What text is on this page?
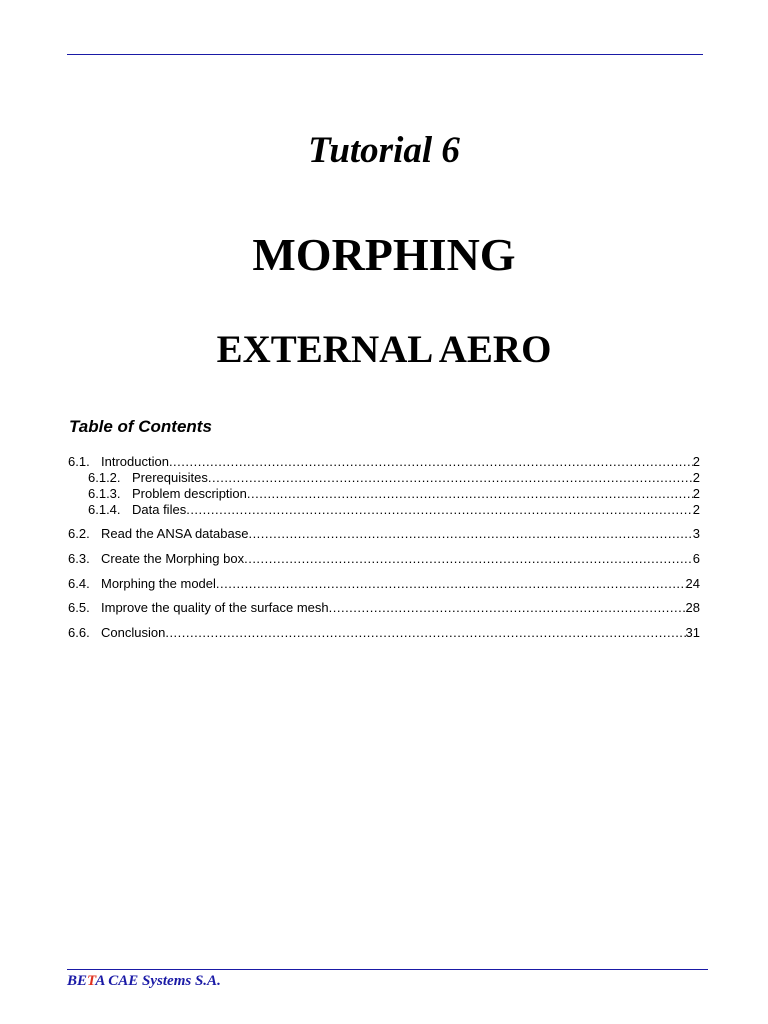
Tutorial 6
MORPHING
EXTERNAL AERO
Table of Contents
6.1. Introduction .....	2
6.1.2. Prerequisites .....	2
6.1.3. Problem description .....	2
6.1.4. Data files .....	2
6.2. Read the ANSA database .....	3
6.3. Create the Morphing box .....	6
6.4. Morphing the model .....	24
6.5. Improve the quality of the surface mesh .....	28
6.6. Conclusion .....	31
BETA CAE Systems S.A.
